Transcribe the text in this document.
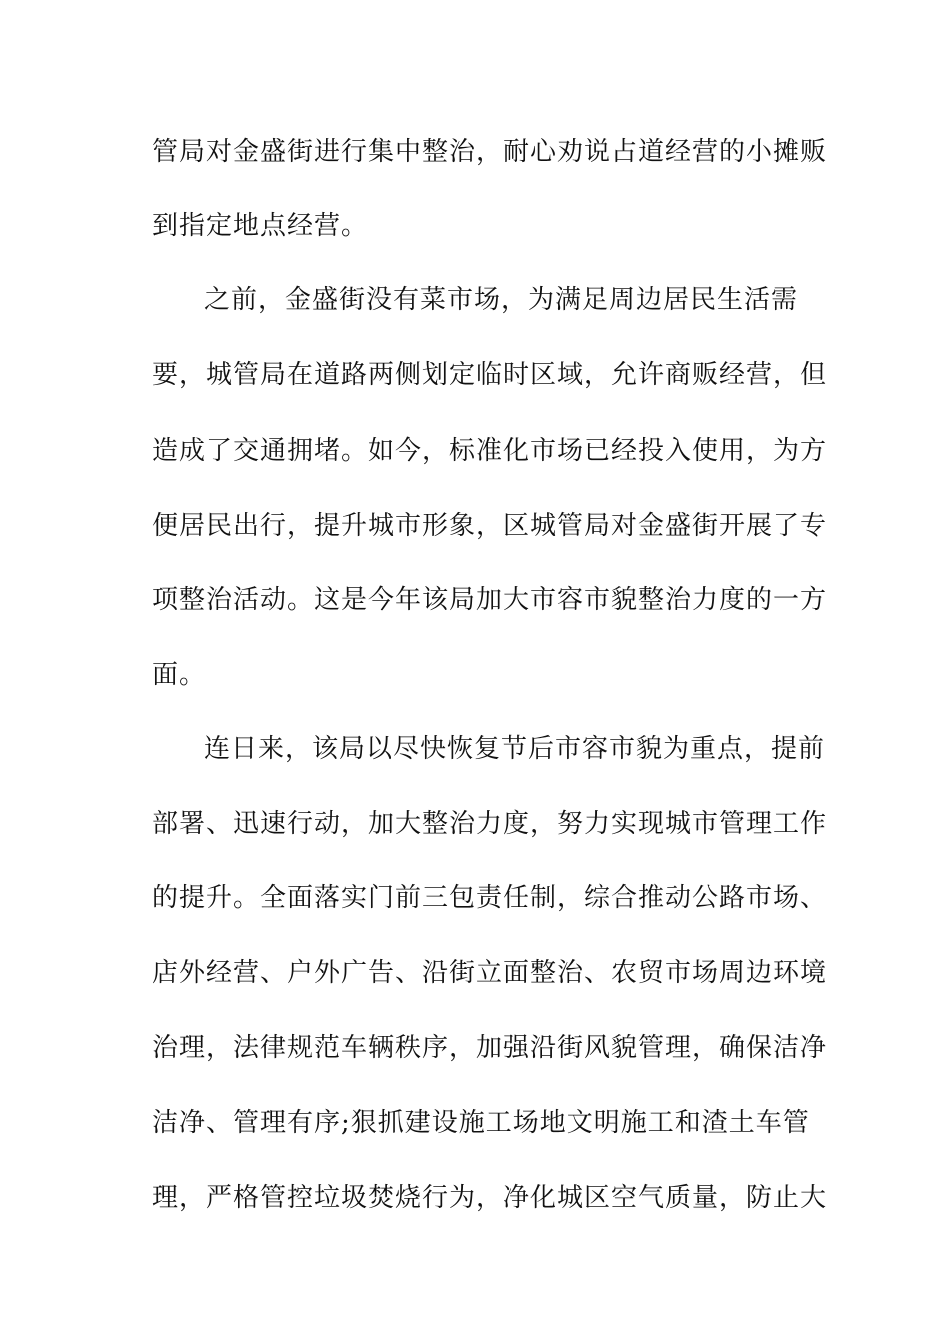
管局对金盛街进行集中整治，耐心劝说占道经营的小摊贩
到指定地点经营。
之前，金盛街没有菜市场，为满足周边居民生活需
要，城管局在道路两侧划定临时区域，允许商贩经营，但
造成了交通拥堵。如今，标准化市场已经投入使用，为方
便居民出行，提升城市形象，区城管局对金盛街开展了专
项整治活动。这是今年该局加大市容市貌整治力度的一方
面。
连日来，该局以尽快恢复节后市容市貌为重点，提前
部署、迅速行动，加大整治力度，努力实现城市管理工作
的提升。全面落实门前三包责任制，综合推动公路市场、
店外经营、户外广告、沿街立面整治、农贸市场周边环境
治理，法律规范车辆秩序，加强沿街风貌管理，确保洁净
洁净、管理有序;狠抓建设施工场地文明施工和渣土车管
理，严格管控垃圾焚烧行为，净化城区空气质量，防止大
